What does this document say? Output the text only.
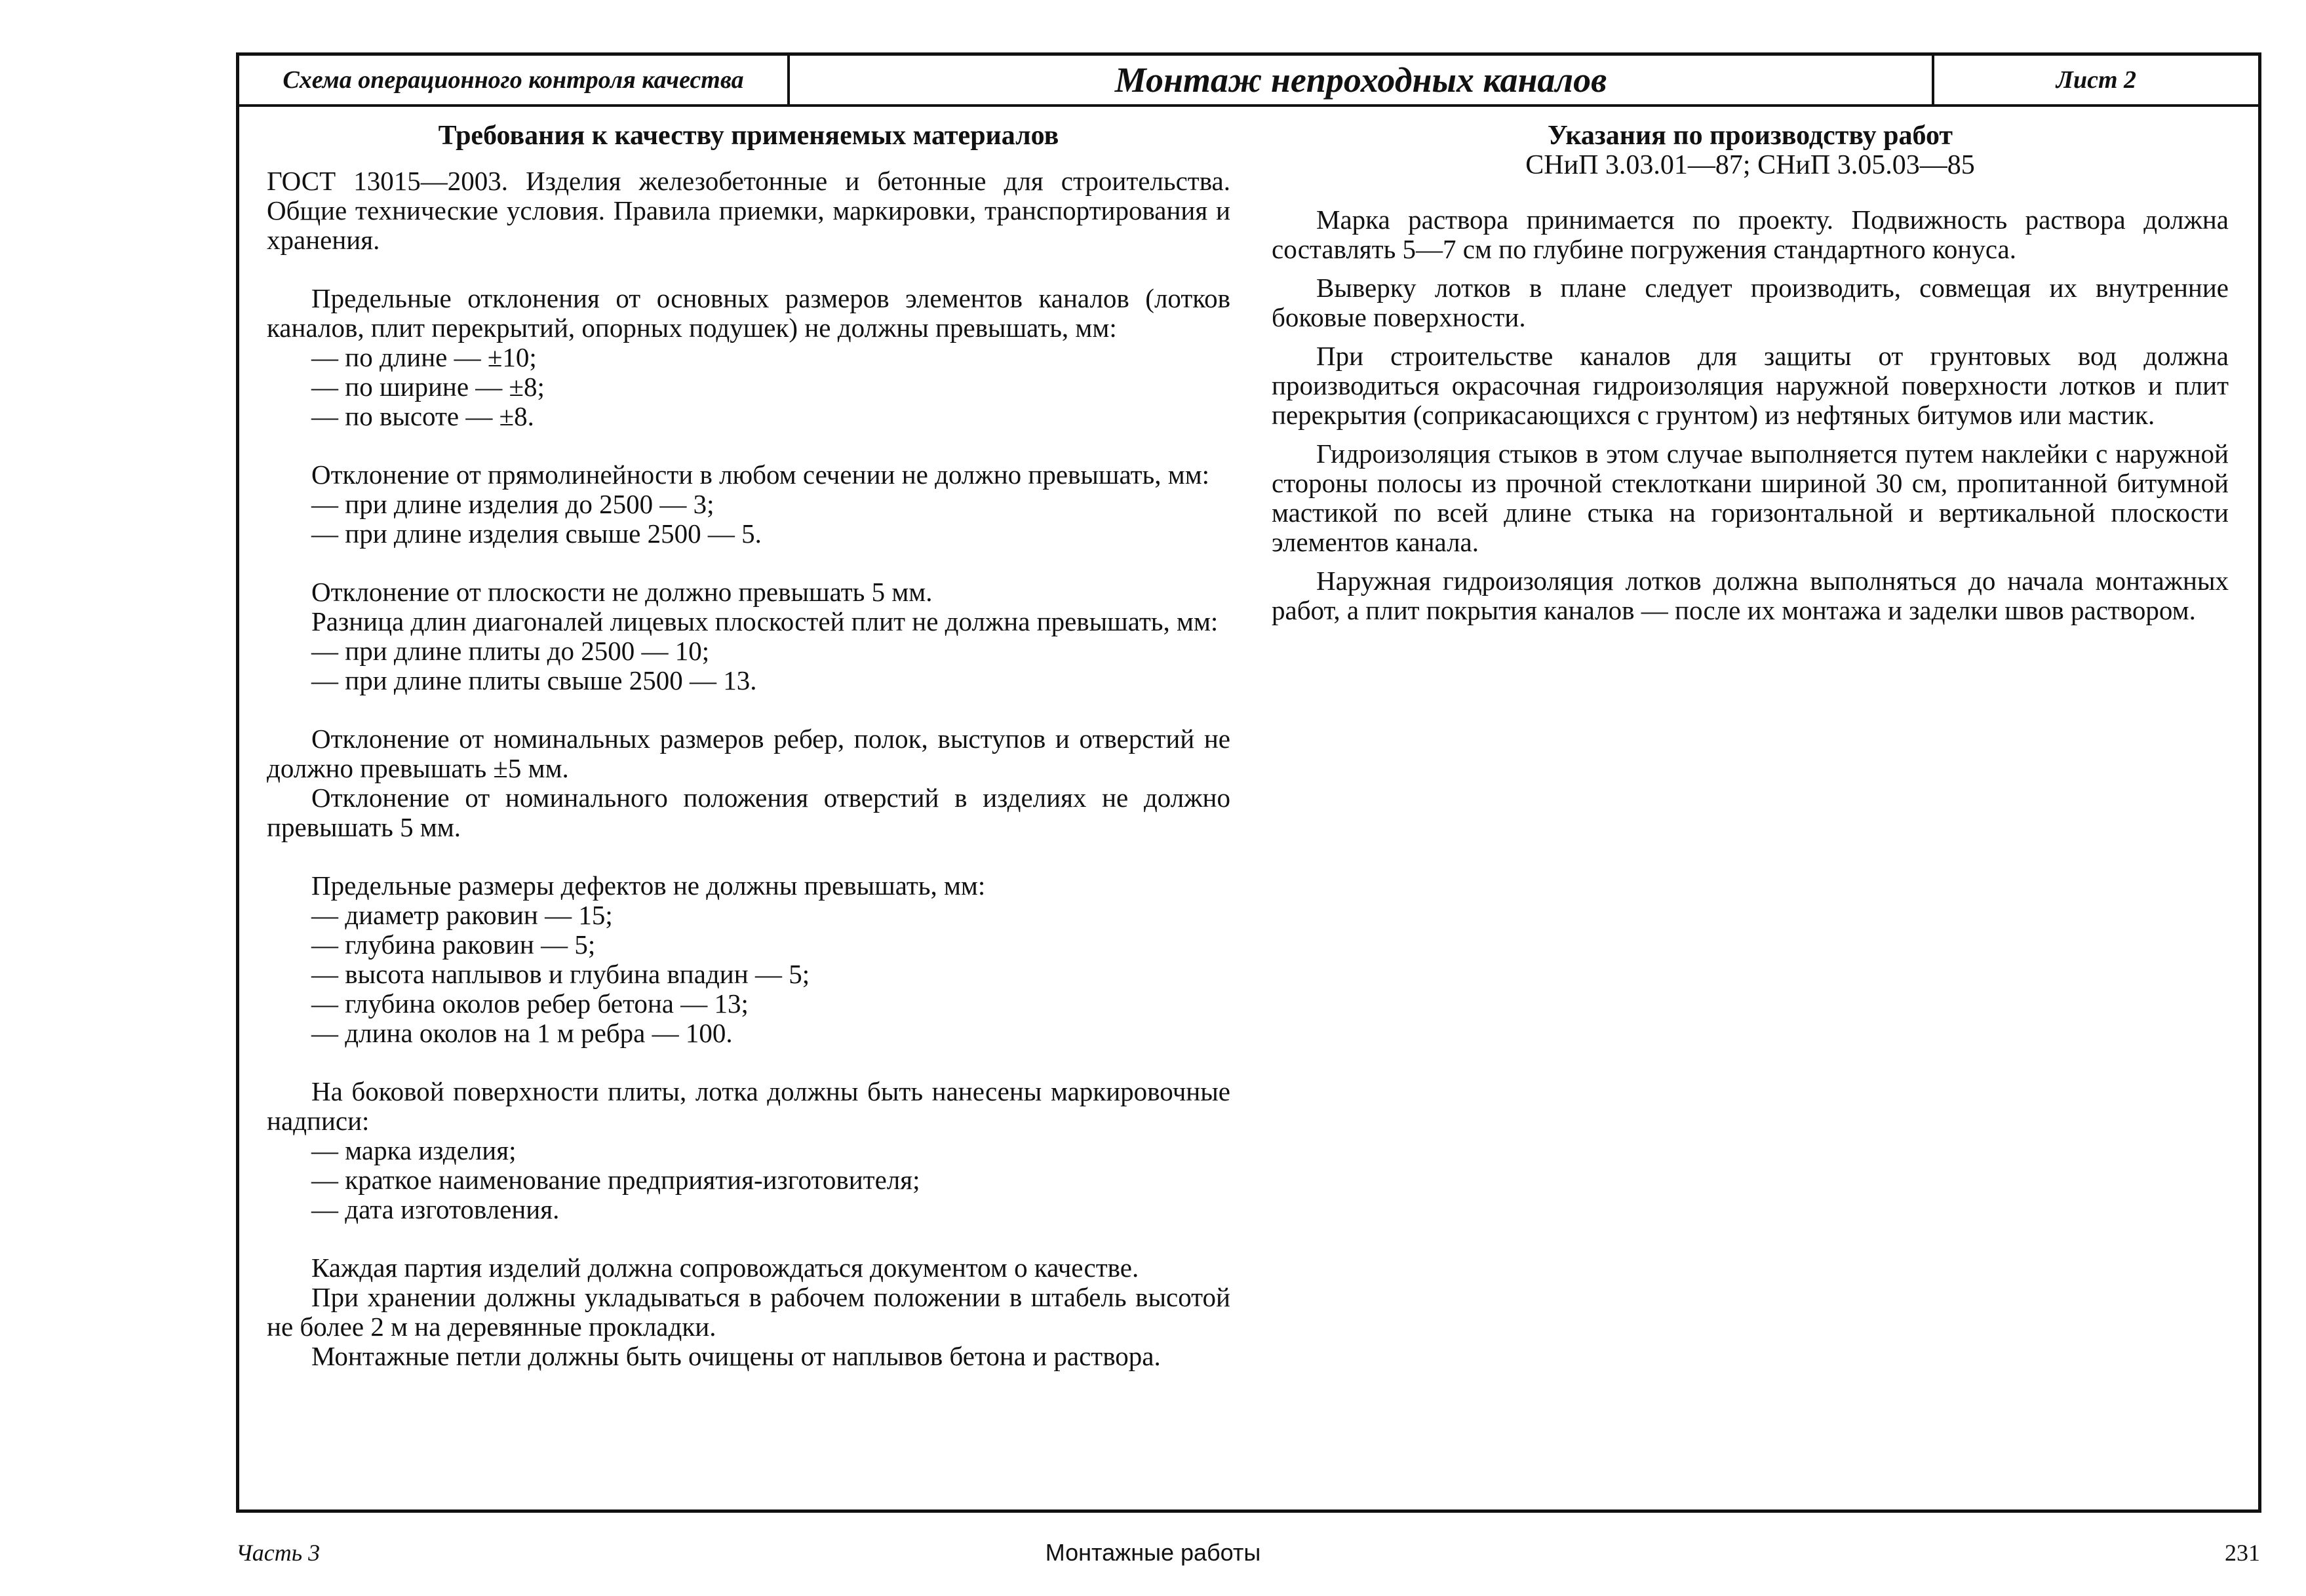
Схема операционного контроля качества	Монтаж непроходных каналов	Лист 2
Требования к качеству применяемых материалов

ГОСТ 13015—2003. Изделия железобетонные и бетонные для строительства. Общие технические условия. Правила приемки, маркировки, транспортирования и хранения.

Предельные отклонения от основных размеров элементов каналов (лотков каналов, плит перекрытий, опорных подушек) не должны превышать, мм:

— по длине — ±10;

— по ширине — ±8;

— по высоте — ±8.

Отклонение от прямолинейности в любом сечении не должно превышать, мм:

— при длине изделия до 2500 — 3;

— при длине изделия свыше 2500 — 5.

Отклонение от плоскости не должно превышать 5 мм.

Разница длин диагоналей лицевых плоскостей плит не должна превышать, мм:

— при длине плиты до 2500 — 10;

— при длине плиты свыше 2500 — 13.

Отклонение от номинальных размеров ребер, полок, выступов и отверстий не должно превышать ±5 мм.

Отклонение от номинального положения отверстий в изделиях не должно превышать 5 мм.

Предельные размеры дефектов не должны превышать, мм:

— диаметр раковин — 15;

— глубина раковин — 5;

— высота наплывов и глубина впадин — 5;

— глубина околов ребер бетона — 13;

— длина околов на 1 м ребра — 100.

На боковой поверхности плиты, лотка должны быть нанесены маркировочные надписи:

— марка изделия;

— краткое наименование предприятия-изготовителя;

— дата изготовления.

Каждая партия изделий должна сопровождаться документом о качестве.

При хранении должны укладываться в рабочем положении в штабель высотой не более 2 м на деревянные прокладки.

Монтажные петли должны быть очищены от наплывов бетона и раствора.

Указания по производству работ
СНиП 3.03.01—87; СНиП 3.05.03—85

Марка раствора принимается по проекту. Подвижность раствора должна составлять 5—7 см по глубине погружения стандартного конуса.

Выверку лотков в плане следует производить, совмещая их внутренние боковые поверхности.

При строительстве каналов для защиты от грунтовых вод должна производиться окрасочная гидроизоляция наружной поверхности лотков и плит перекрытия (соприкасающихся с грунтом) из нефтяных битумов или мастик.

Гидроизоляция стыков в этом случае выполняется путем наклейки с наружной стороны полосы из прочной стеклоткани шириной 30 см, пропитанной битумной мастикой по всей длине стыка на горизонтальной и вертикальной плоскости элементов канала.

Наружная гидроизоляция лотков должна выполняться до начала монтажных работ, а плит покрытия каналов — после их монтажа и заделки швов раствором.

Часть 3	Монтажные работы	231
